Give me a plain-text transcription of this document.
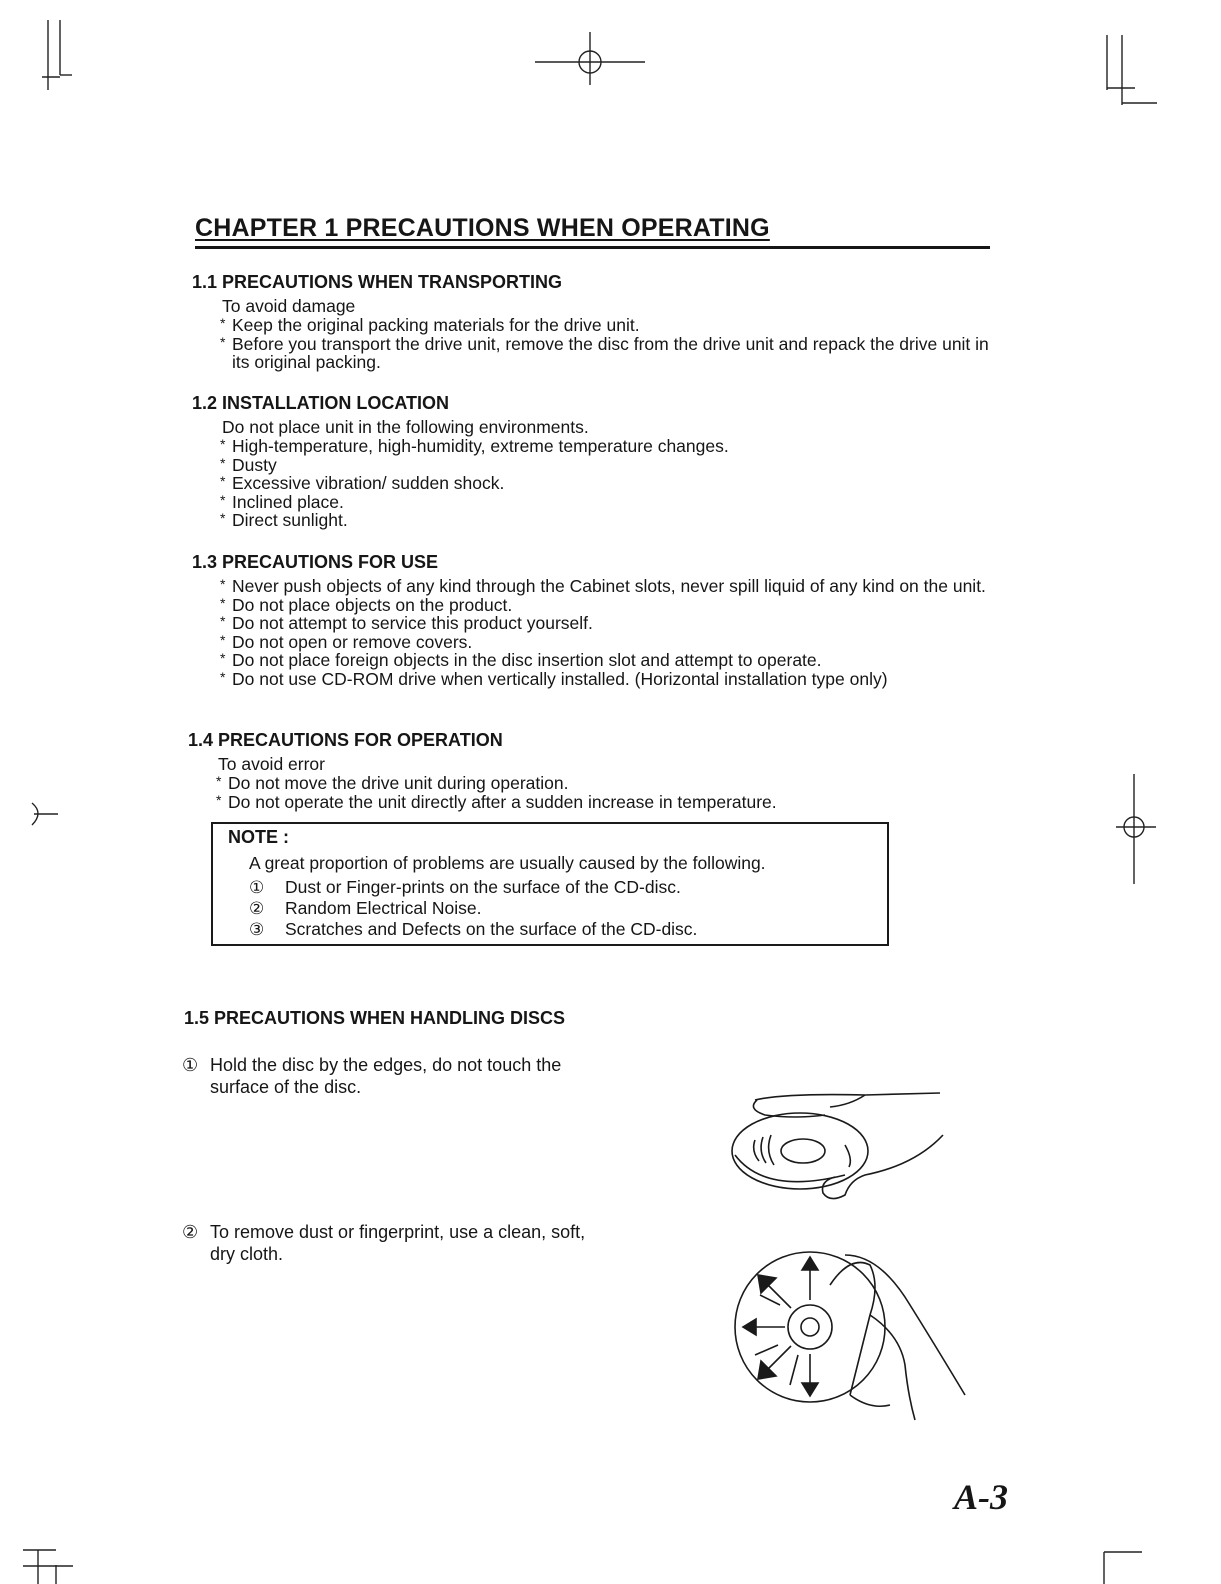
CHAPTER 1 PRECAUTIONS WHEN OPERATING
1.1 PRECAUTIONS WHEN TRANSPORTING

To avoid damage

* Keep the original packing materials for the drive unit.
* Before you transport the drive unit, remove the disc from the drive unit and repack the drive unit in its original packing.
1.2 INSTALLATION LOCATION

Do not place unit in the following environments.

* High-temperature, high-humidity, extreme temperature changes.
* Dusty
* Excessive vibration/ sudden shock.
* Inclined place.
* Direct sunlight.
1.3 PRECAUTIONS FOR USE
* Never push objects of any kind through the Cabinet slots, never spill liquid of any kind on the unit.
* Do not place objects on the product.
* Do not attempt to service this product yourself.
* Do not open or remove covers.
* Do not place foreign objects in the disc insertion slot and attempt to operate.
* Do not use CD-ROM drive when vertically installed. (Horizontal installation type only)
1.4 PRECAUTIONS FOR OPERATION

To avoid error

* Do not move the drive unit during operation.
* Do not operate the unit directly after a sudden increase in temperature.
NOTE :
A great proportion of problems are usually caused by the following.
① Dust or Finger-prints on the surface of the CD-disc.
② Random Electrical Noise.
③ Scratches and Defects on the surface of the CD-disc.
1.5 PRECAUTIONS WHEN HANDLING DISCS
① Hold the disc by the edges, do not touch the surface of the disc.
② To remove dust or fingerprint, use a clean, soft, dry cloth.
A-3
